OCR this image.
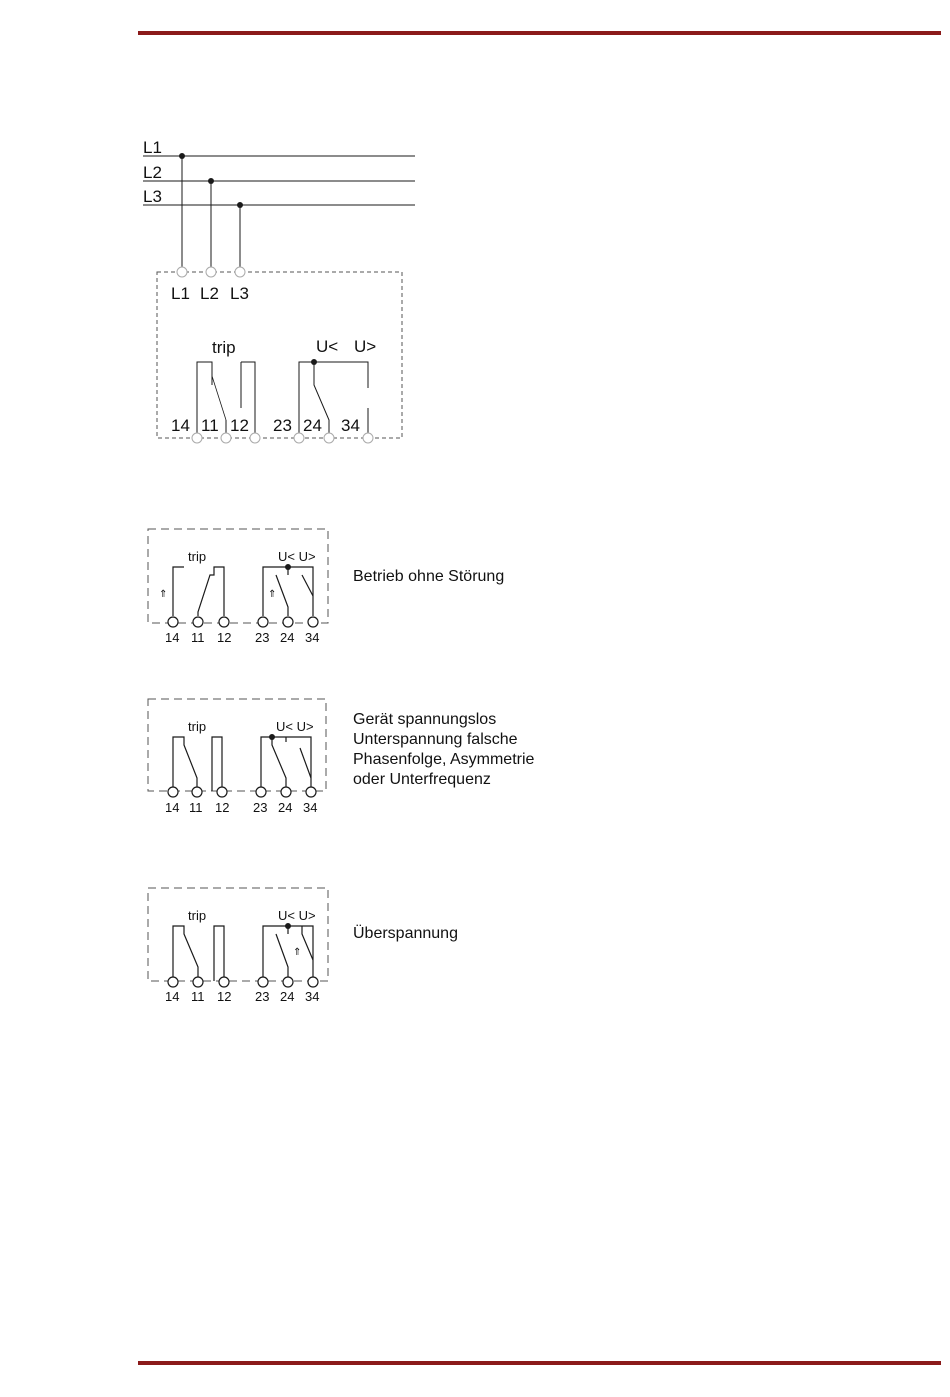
L1
L2
L3
L1 L2 L3
trip	U< U>
14 11 12 23 24 34
⇑	⇑
trip	U< U>
14 11 12 23 24 34
trip	U< U>
14 11 12 23 24 34
⇑
trip	U< U>
14 11 12 23 24 34
Betrieb ohne Störung
Gerät spannungslos
Unterspannung falsche
Phasenfolge, Asymmetrie
oder Unterfrequenz
Überspannung
